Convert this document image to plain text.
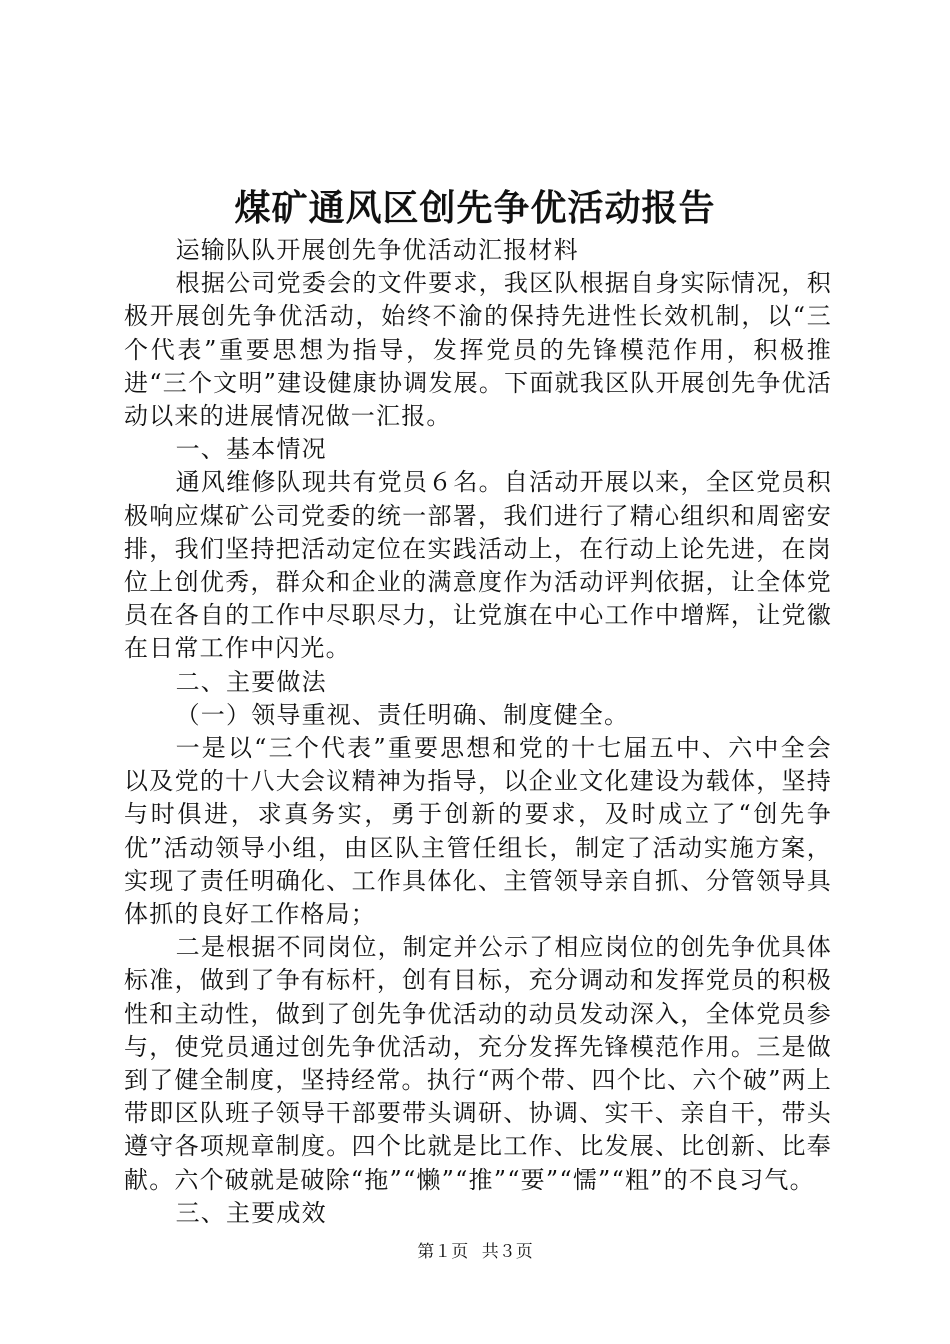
煤矿通风区创先争优活动报告

运输队队开展创先争优活动汇报材料

根据公司党委会的文件要求，我区队根据自身实际情况，积极开展创先争优活动，始终不渝的保持先进性长效机制，以“三个代表”重要思想为指导，发挥党员的先锋模范作用，积极推进“三个文明”建设健康协调发展。下面就我区队开展创先争优活动以来的进展情况做一汇报。

一、基本情况

通风维修队现共有党员６名。自活动开展以来，全区党员积极响应煤矿公司党委的统一部署，我们进行了精心组织和周密安排，我们坚持把活动定位在实践活动上，在行动上论先进，在岗位上创优秀，群众和企业的满意度作为活动评判依据，让全体党员在各自的工作中尽职尽力，让党旗在中心工作中增辉，让党徽在日常工作中闪光。

二、主要做法

（一）领导重视、责任明确、制度健全。

一是以“三个代表”重要思想和党的十七届五中、六中全会以及党的十八大会议精神为指导，以企业文化建设为载体，坚持与时俱进，求真务实，勇于创新的要求，及时成立了“创先争优”活动领导小组，由区队主管任组长，制定了活动实施方案，实现了责任明确化、工作具体化、主管领导亲自抓、分管领导具体抓的良好工作格局；

二是根据不同岗位，制定并公示了相应岗位的创先争优具体标准，做到了争有标杆，创有目标，充分调动和发挥党员的积极性和主动性，做到了创先争优活动的动员发动深入，全体党员参与，使党员通过创先争优活动，充分发挥先锋模范作用。三是做到了健全制度，坚持经常。执行“两个带、四个比、六个破”两上带即区队班子领导干部要带头调研、协调、实干、亲自干，带头遵守各项规章制度。四个比就是比工作、比发展、比创新、比奉献。六个破就是破除“拖”“懒”“推”“要”“懦”“粗”的不良习气。

三、主要成效

第１页 共３页
